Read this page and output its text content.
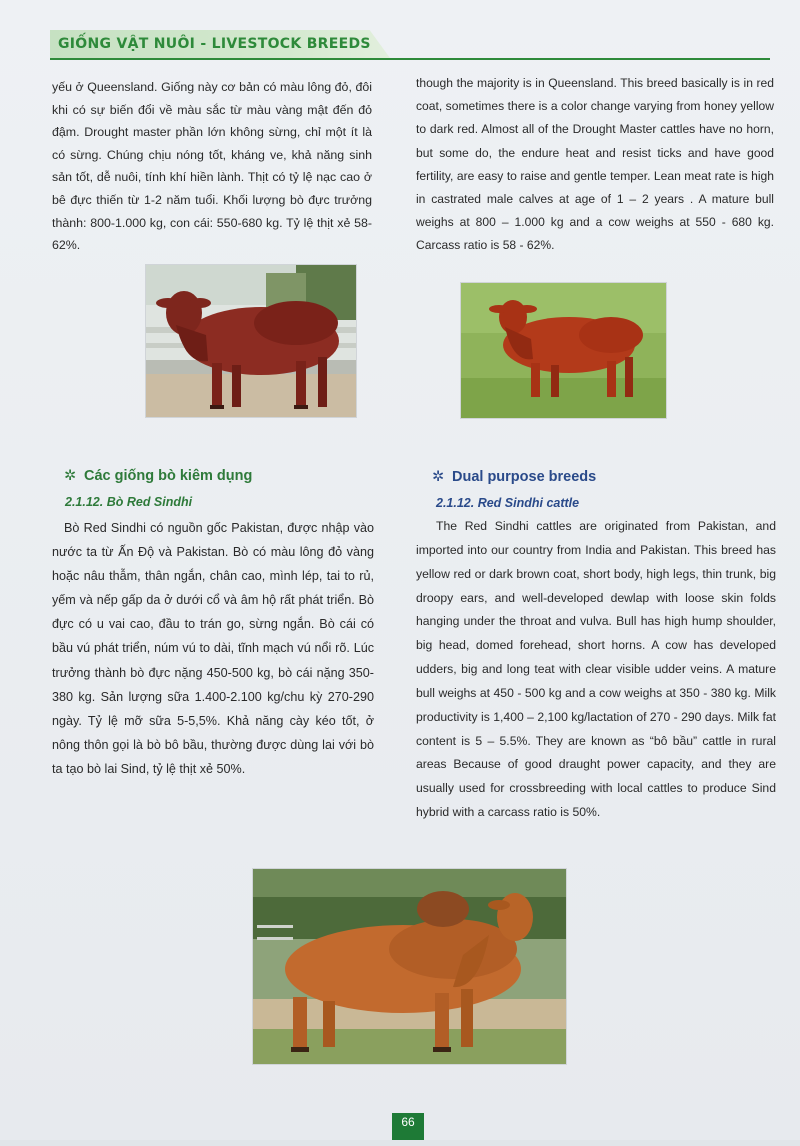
GIỐNG VẬT NUÔI - LIVESTOCK BREEDS
yếu ở Queensland. Giống này cơ bản có màu lông đỏ, đôi khi có sự biến đổi về màu sắc từ màu vàng mật đến đỏ đậm. Drought master phần lớn không sừng, chỉ một ít là có sừng. Chúng chịu nóng tốt, kháng ve, khả năng sinh sản tốt, dễ nuôi, tính khí hiền lành. Thịt có tỷ lệ nạc cao ở bê đực thiến từ 1-2 năm tuổi. Khối lượng bò đực trưởng thành: 800-1.000 kg, con cái: 550-680 kg. Tỷ lệ thịt xẻ 58-62%.
though the majority is in Queensland. This breed basically is in red coat, sometimes there is a color change varying from honey yellow to dark red. Almost all of the Drought Master cattles have no horn, but some do, the endure heat and resist ticks and have good fertility, are easy to raise and gentle temper. Lean meat rate is high in castrated male calves at age of 1 – 2 years . A mature bull weighs at 800 – 1.000 kg and a cow weighs at 550 - 680 kg. Carcass ratio is 58 - 62%.
✲ Các giống bò kiêm dụng	✲ Dual purpose breeds
2.1.12. Bò Red Sindhi	2.1.12. Red Sindhi cattle
Bò Red Sindhi có nguồn gốc Pakistan, được nhập vào nước ta từ Ấn Độ và Pakistan. Bò có màu lông đỏ vàng hoặc nâu thẫm, thân ngắn, chân cao, mình lép, tai to rủ, yếm và nếp gấp da ở dưới cổ và âm hộ rất phát triển. Bò đực có u vai cao, đầu to trán go, sừng ngắn. Bò cái có bầu vú phát triển, núm vú to dài, tĩnh mạch vú nổi rõ. Lúc trưởng thành bò đực nặng 450-500 kg, bò cái nặng 350-380 kg. Sản lượng sữa 1.400-2.100 kg/chu kỳ 270-290 ngày. Tỷ lệ mỡ sữa 5-5,5%. Khả năng cày kéo tốt, ở nông thôn gọi là bò bô bầu, thường được dùng lai với bò ta tạo bò lai Sind, tỷ lệ thịt xẻ 50%.
The Red Sindhi cattles are originated from Pakistan, and imported into our country from India and Pakistan. This breed has yellow red or dark brown coat, short body, high legs, thin trunk, big droopy ears, and well-developed dewlap with loose skin folds hanging under the throat and vulva. Bull has high hump shoulder, big head, domed forehead, short horns. A cow has developed udders, big and long teat with clear visible udder veins. A mature bull weighs at 450 - 500 kg and a cow weighs at 350 - 380 kg. Milk productivity is 1,400 – 2,100 kg/lactation of 270 - 290 days. Milk fat content is 5 – 5.5%. They are known as “bô bầu” cattle in rural areas Because of good draught power capacity, and they are usually used for crossbreeding with local cattles to produce Sind hybrid with a carcass ratio is 50%.
66
